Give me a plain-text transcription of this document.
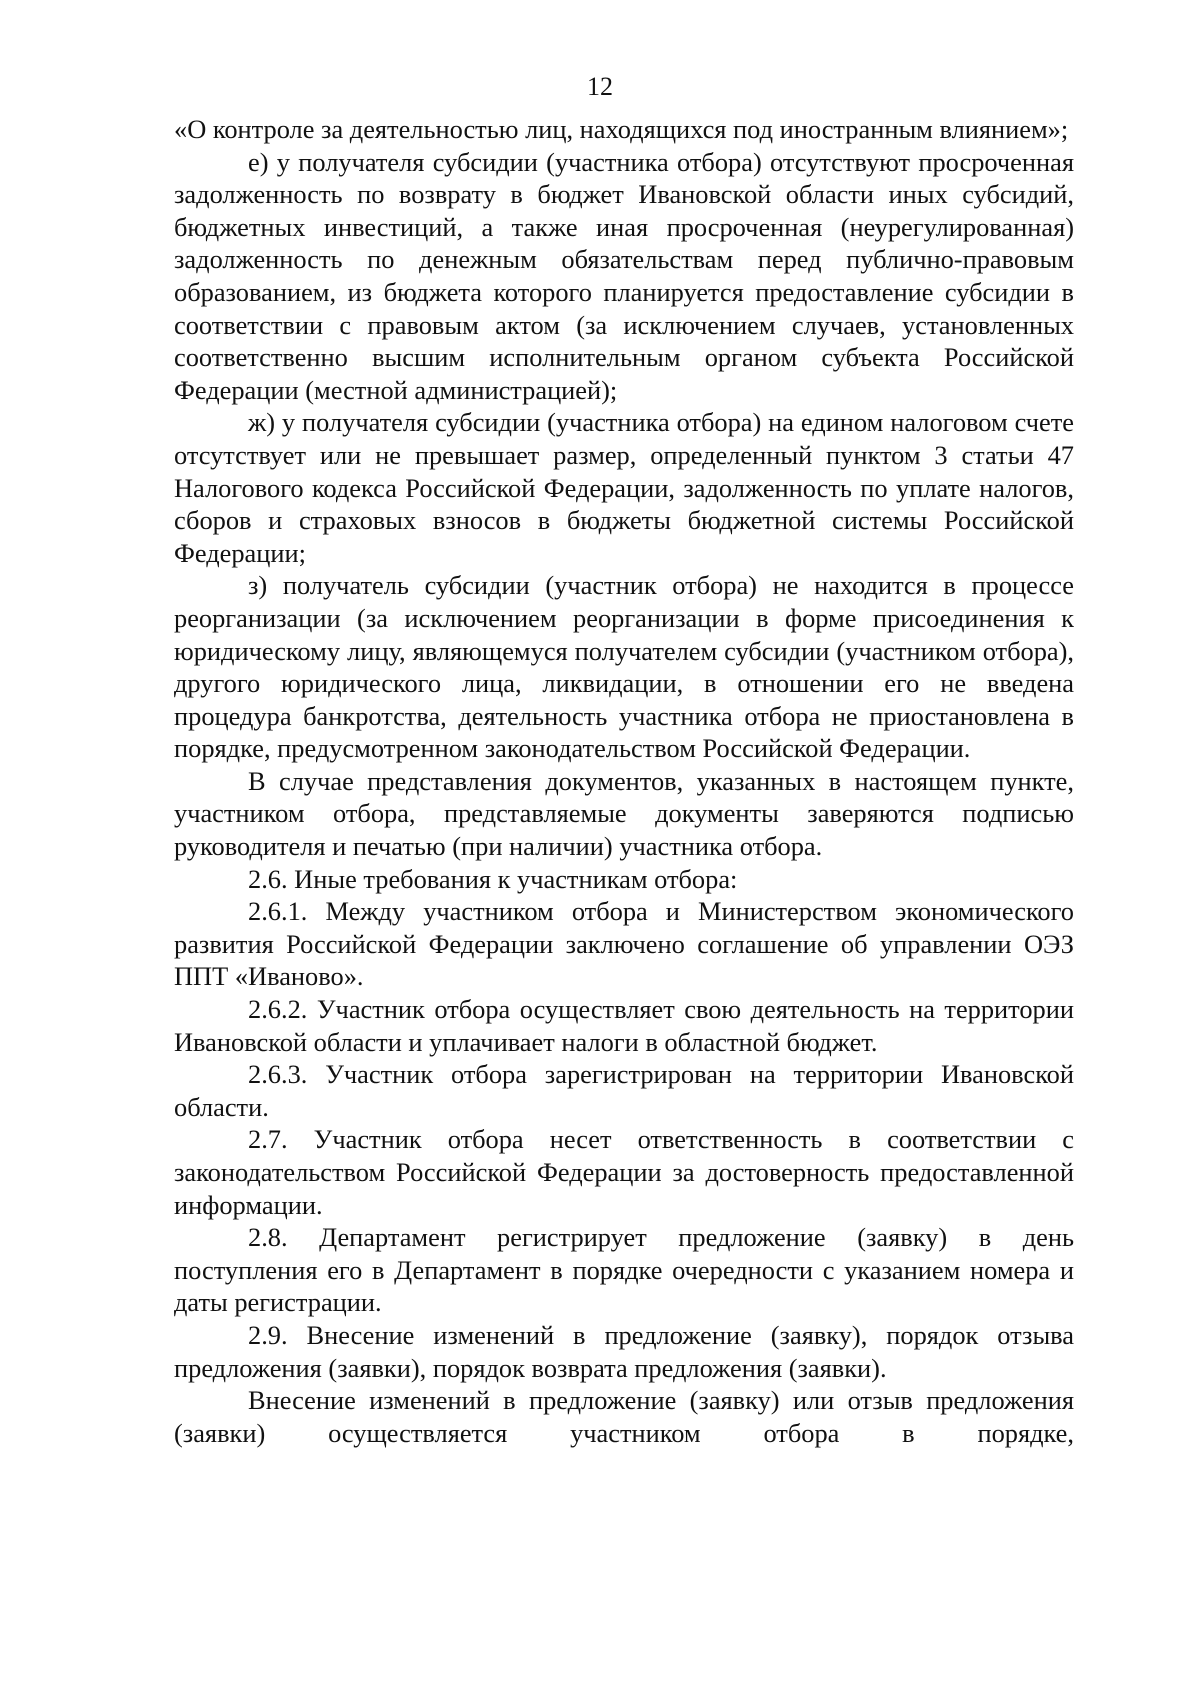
12

«О контроле за деятельностью лиц, находящихся под иностранным влиянием»;

е) у получателя субсидии (участника отбора) отсутствуют просроченная задолженность по возврату в бюджет Ивановской области иных субсидий, бюджетных инвестиций, а также иная просроченная (неурегулированная) задолженность по денежным обязательствам перед публично-правовым образованием, из бюджета которого планируется предоставление субсидии в соответствии с правовым актом (за исключением случаев, установленных соответственно высшим исполнительным органом субъекта Российской Федерации (местной администрацией);

ж) у получателя субсидии (участника отбора) на едином налоговом счете отсутствует или не превышает размер, определенный пунктом 3 статьи 47 Налогового кодекса Российской Федерации, задолженность по уплате налогов, сборов и страховых взносов в бюджеты бюджетной системы Российской Федерации;

з) получатель субсидии (участник отбора) не находится в процессе реорганизации (за исключением реорганизации в форме присоединения к юридическому лицу, являющемуся получателем субсидии (участником отбора), другого юридического лица, ликвидации, в отношении его не введена процедура банкротства, деятельность участника отбора не приостановлена в порядке, предусмотренном законодательством Российской Федерации.

В случае представления документов, указанных в настоящем пункте, участником отбора, представляемые документы заверяются подписью руководителя и печатью (при наличии) участника отбора.

2.6. Иные требования к участникам отбора:

2.6.1. Между участником отбора и Министерством экономического развития Российской Федерации заключено соглашение об управлении ОЭЗ ППТ «Иваново».

2.6.2. Участник отбора осуществляет свою деятельность на территории Ивановской области и уплачивает налоги в областной бюджет.

2.6.3. Участник отбора зарегистрирован на территории Ивановской области.

2.7. Участник отбора несет ответственность в соответствии с законодательством Российской Федерации за достоверность предоставленной информации.

2.8. Департамент регистрирует предложение (заявку) в день поступления его в Департамент в порядке очередности с указанием номера и даты регистрации.

2.9. Внесение изменений в предложение (заявку), порядок отзыва предложения (заявки), порядок возврата предложения (заявки).

Внесение изменений в предложение (заявку) или отзыв предложения (заявки) осуществляется участником отбора в порядке,
